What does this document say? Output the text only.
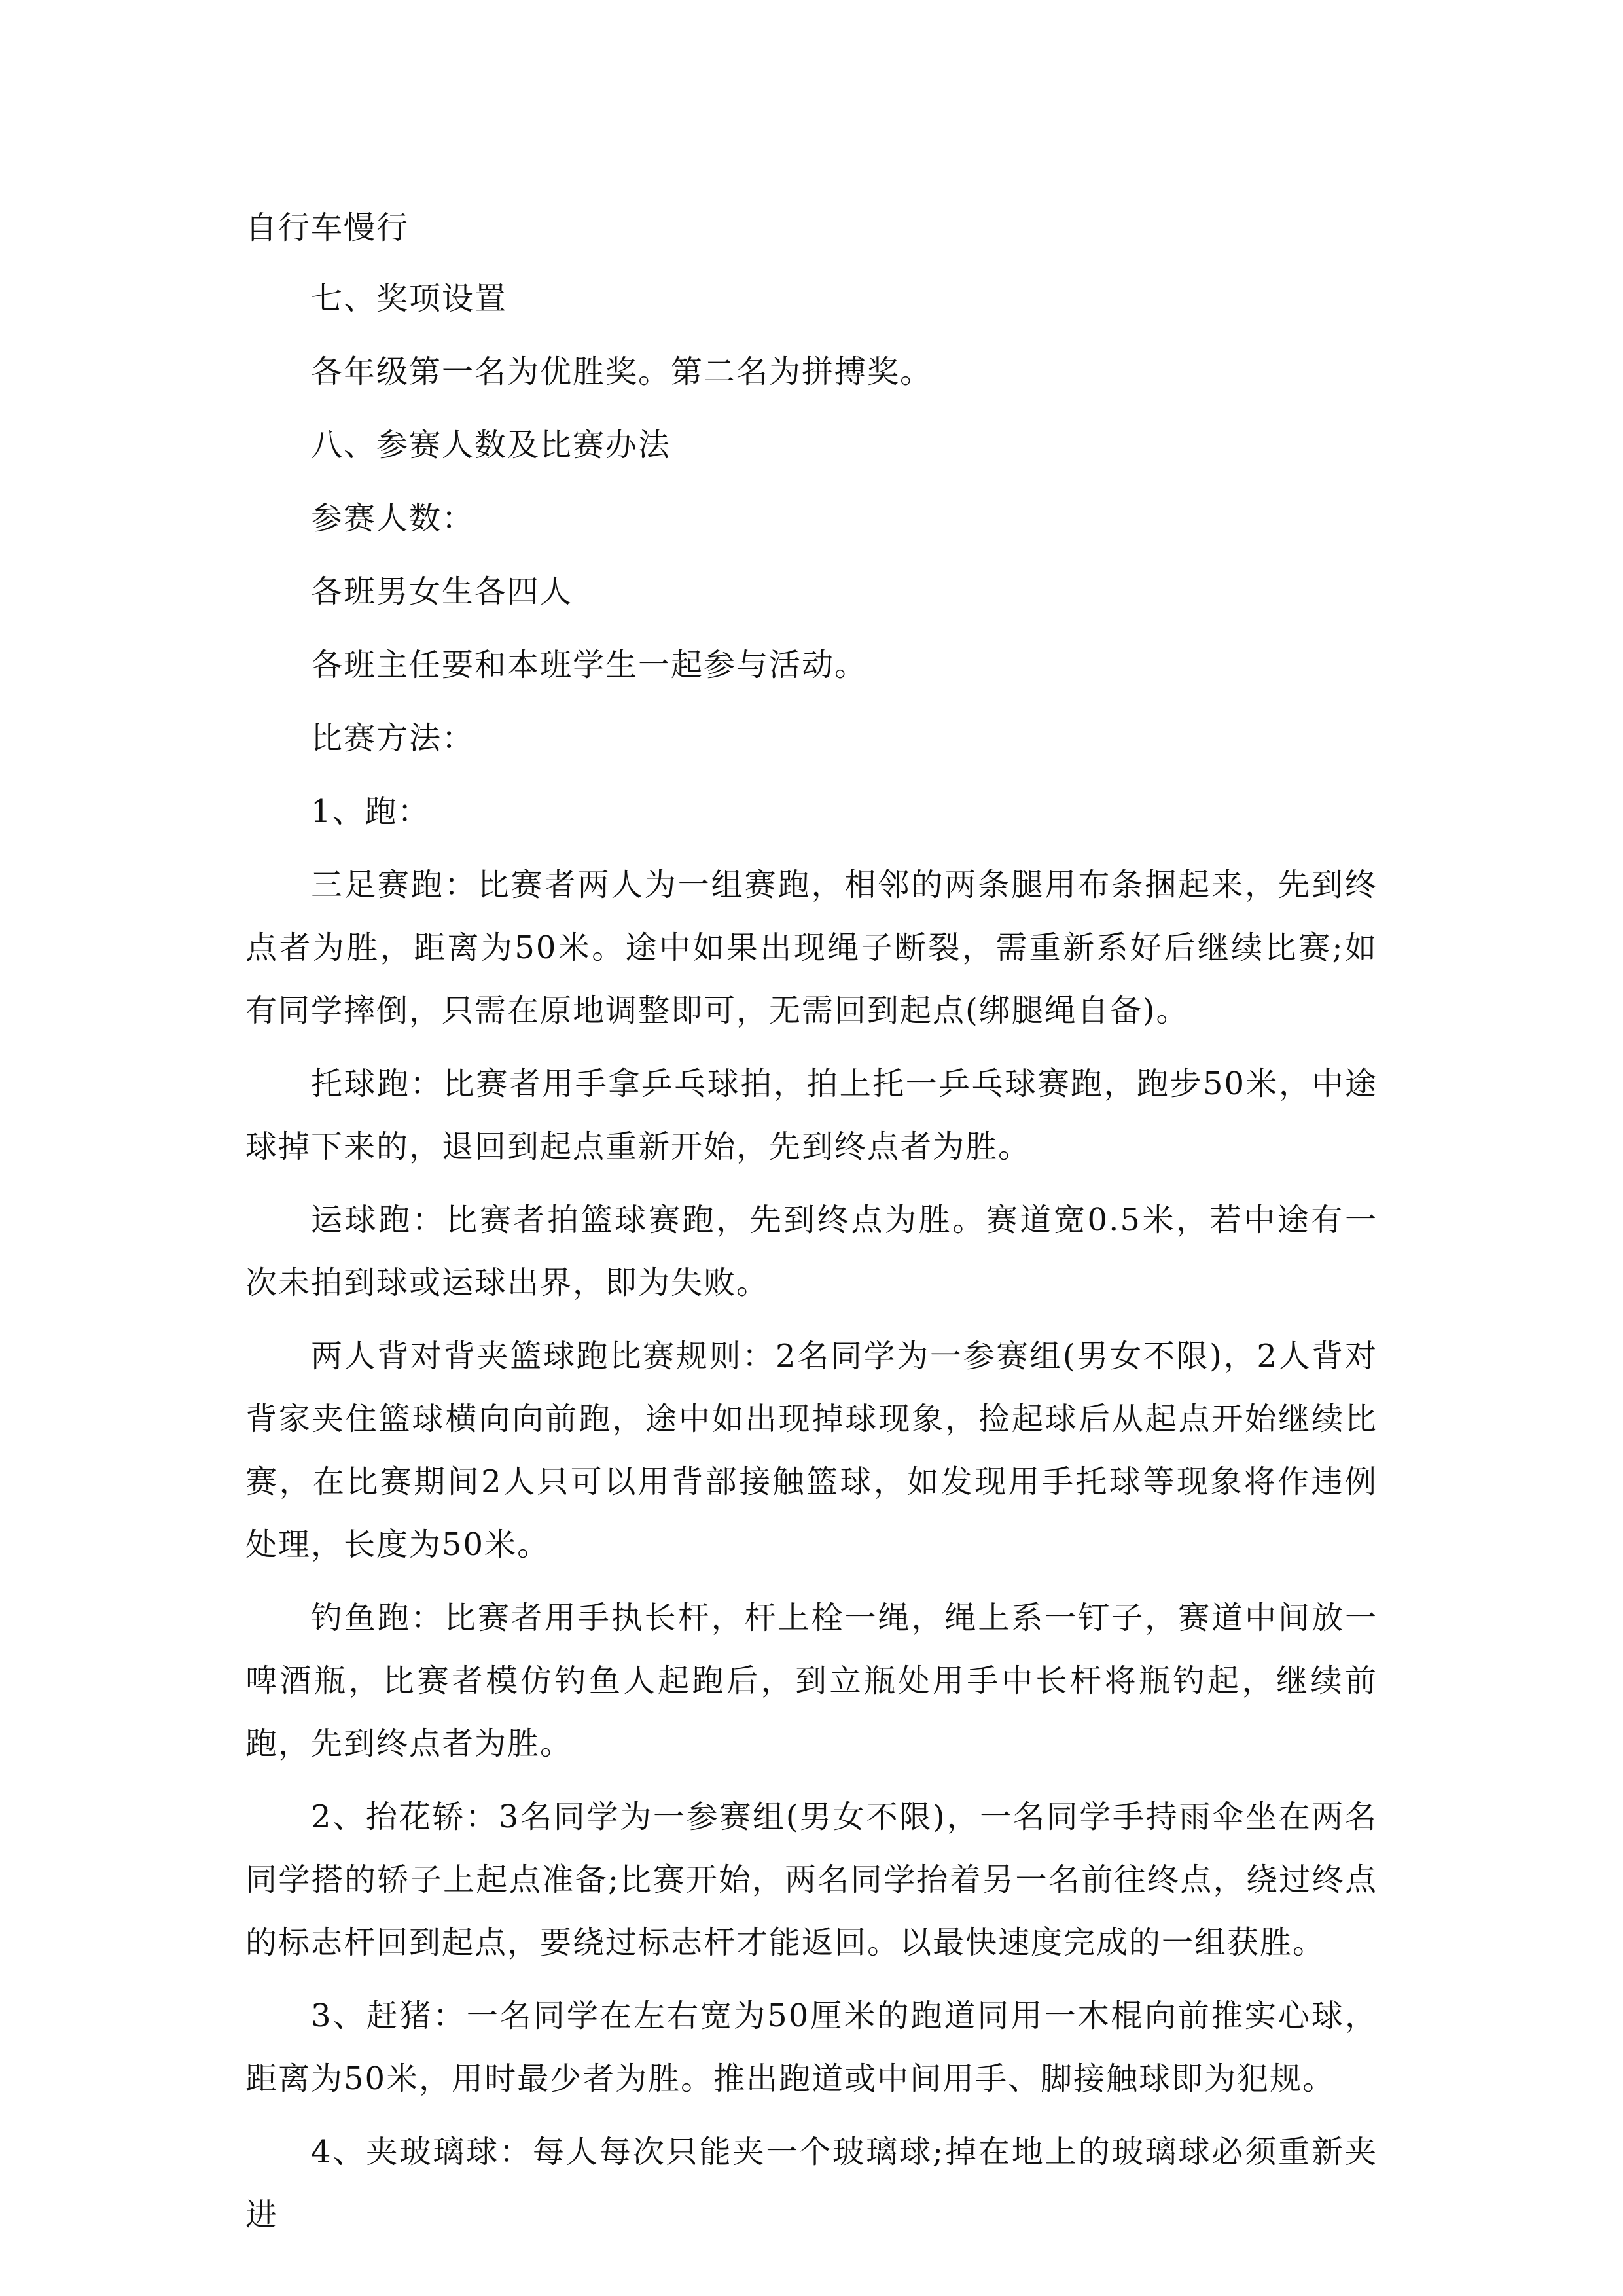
自行车慢行

七、奖项设置

各年级第一名为优胜奖。第二名为拼搏奖。

八、参赛人数及比赛办法

参赛人数：

各班男女生各四人

各班主任要和本班学生一起参与活动。

比赛方法：

1、跑：

三足赛跑：比赛者两人为一组赛跑，相邻的两条腿用布条捆起来，先到终点者为胜，距离为50米。途中如果出现绳子断裂，需重新系好后继续比赛;如有同学摔倒，只需在原地调整即可，无需回到起点(绑腿绳自备)。

托球跑：比赛者用手拿乒乓球拍，拍上托一乒乓球赛跑，跑步50米，中途球掉下来的，退回到起点重新开始，先到终点者为胜。

运球跑：比赛者拍篮球赛跑，先到终点为胜。赛道宽0.5米，若中途有一次未拍到球或运球出界，即为失败。

两人背对背夹篮球跑比赛规则：2名同学为一参赛组(男女不限)，2人背对背家夹住篮球横向向前跑，途中如出现掉球现象，捡起球后从起点开始继续比赛，在比赛期间2人只可以用背部接触篮球，如发现用手托球等现象将作违例处理，长度为50米。

钓鱼跑：比赛者用手执长杆，杆上栓一绳，绳上系一钉子，赛道中间放一啤酒瓶，比赛者模仿钓鱼人起跑后，到立瓶处用手中长杆将瓶钓起，继续前跑，先到终点者为胜。

2、抬花轿：3名同学为一参赛组(男女不限)，一名同学手持雨伞坐在两名同学搭的轿子上起点准备;比赛开始，两名同学抬着另一名前往终点，绕过终点的标志杆回到起点，要绕过标志杆才能返回。以最快速度完成的一组获胜。

3、赶猪：一名同学在左右宽为50厘米的跑道同用一木棍向前推实心球，距离为50米，用时最少者为胜。推出跑道或中间用手、脚接触球即为犯规。

4、夹玻璃球：每人每次只能夹一个玻璃球;掉在地上的玻璃球必须重新夹进
